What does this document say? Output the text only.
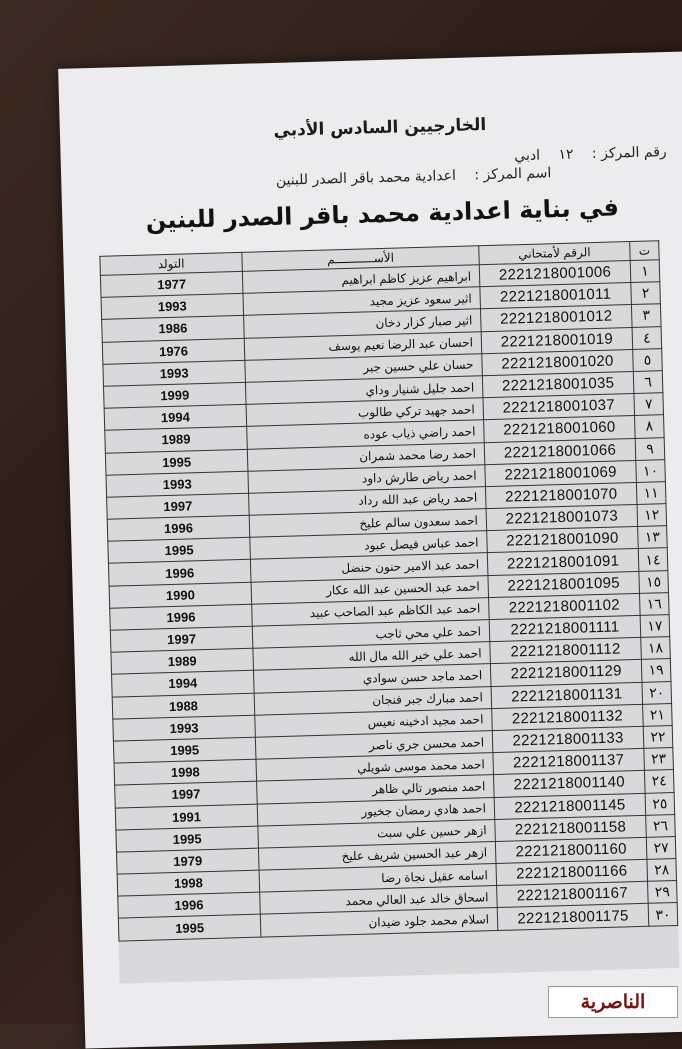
الخارجيين السادس الأدبي
رقم المركز : ١٢ ادبي
اسم المركز : اعدادية محمد باقر الصدر للبنين
في بناية اعدادية محمد باقر الصدر للبنين
ت	الرقم لأمتحاني	الأســـــــــــم	التولد
١	2221218001006	ابراهيم عزيز كاظم ابراهيم	1977
٢	2221218001011	اثير سعود عزيز مجيد	1993
٣	2221218001012	اثير صبار كزار دخان	1986
٤	2221218001019	احسان عبد الرضا نعيم يوسف	1976
٥	2221218001020	حسان علي حسين جبر	1993
٦	2221218001035	احمد جليل شنيار وداي	1999
٧	2221218001037	احمد جهيد تركي طالوب	1994
٨	2221218001060	احمد راضي ذياب عوده	1989
٩	2221218001066	احمد رضا محمد شمران	1995
١٠	2221218001069	احمد رياض طارش داود	1993
١١	2221218001070	احمد رياض عبد الله رداد	1997
١٢	2221218001073	احمد سعدون سالم عليخ	1996
١٣	2221218001090	احمد عباس فيصل عبود	1995
١٤	2221218001091	احمد عبد الامير حنون حنضل	1996
١٥	2221218001095	احمد عبد الحسين عبد الله عكار	1990
١٦	2221218001102	احمد عبد الكاظم عبد الصاحب عبيد	1996
١٧	2221218001111	احمد علي محي ثاجب	1997
١٨	2221218001112	احمد علي خير الله مال الله	1989
١٩	2221218001129	احمد ماجد حسن سوادي	1994
٢٠	2221218001131	احمد مبارك جبر فنجان	1988
٢١	2221218001132	احمد مجيد ادخينه نعيس	1993
٢٢	2221218001133	احمد محسن جري ناصر	1995
٢٣	2221218001137	احمد محمد موسى شويلي	1998
٢٤	2221218001140	احمد منصور تالي ظاهر	1997
٢٥	2221218001145	احمد هادي رمضان جخيور	1991
٢٦	2221218001158	ازهر حسين علي سبت	1995
٢٧	2221218001160	ازهر عبد الحسين شريف عليخ	1979
٢٨	2221218001166	اسامه عقيل نجاة رضا	1998
٢٩	2221218001167	اسحاق خالد عبد العالي محمد	1996
٣٠	2221218001175	اسلام محمد جلود ضيدان	1995
الناصرية
